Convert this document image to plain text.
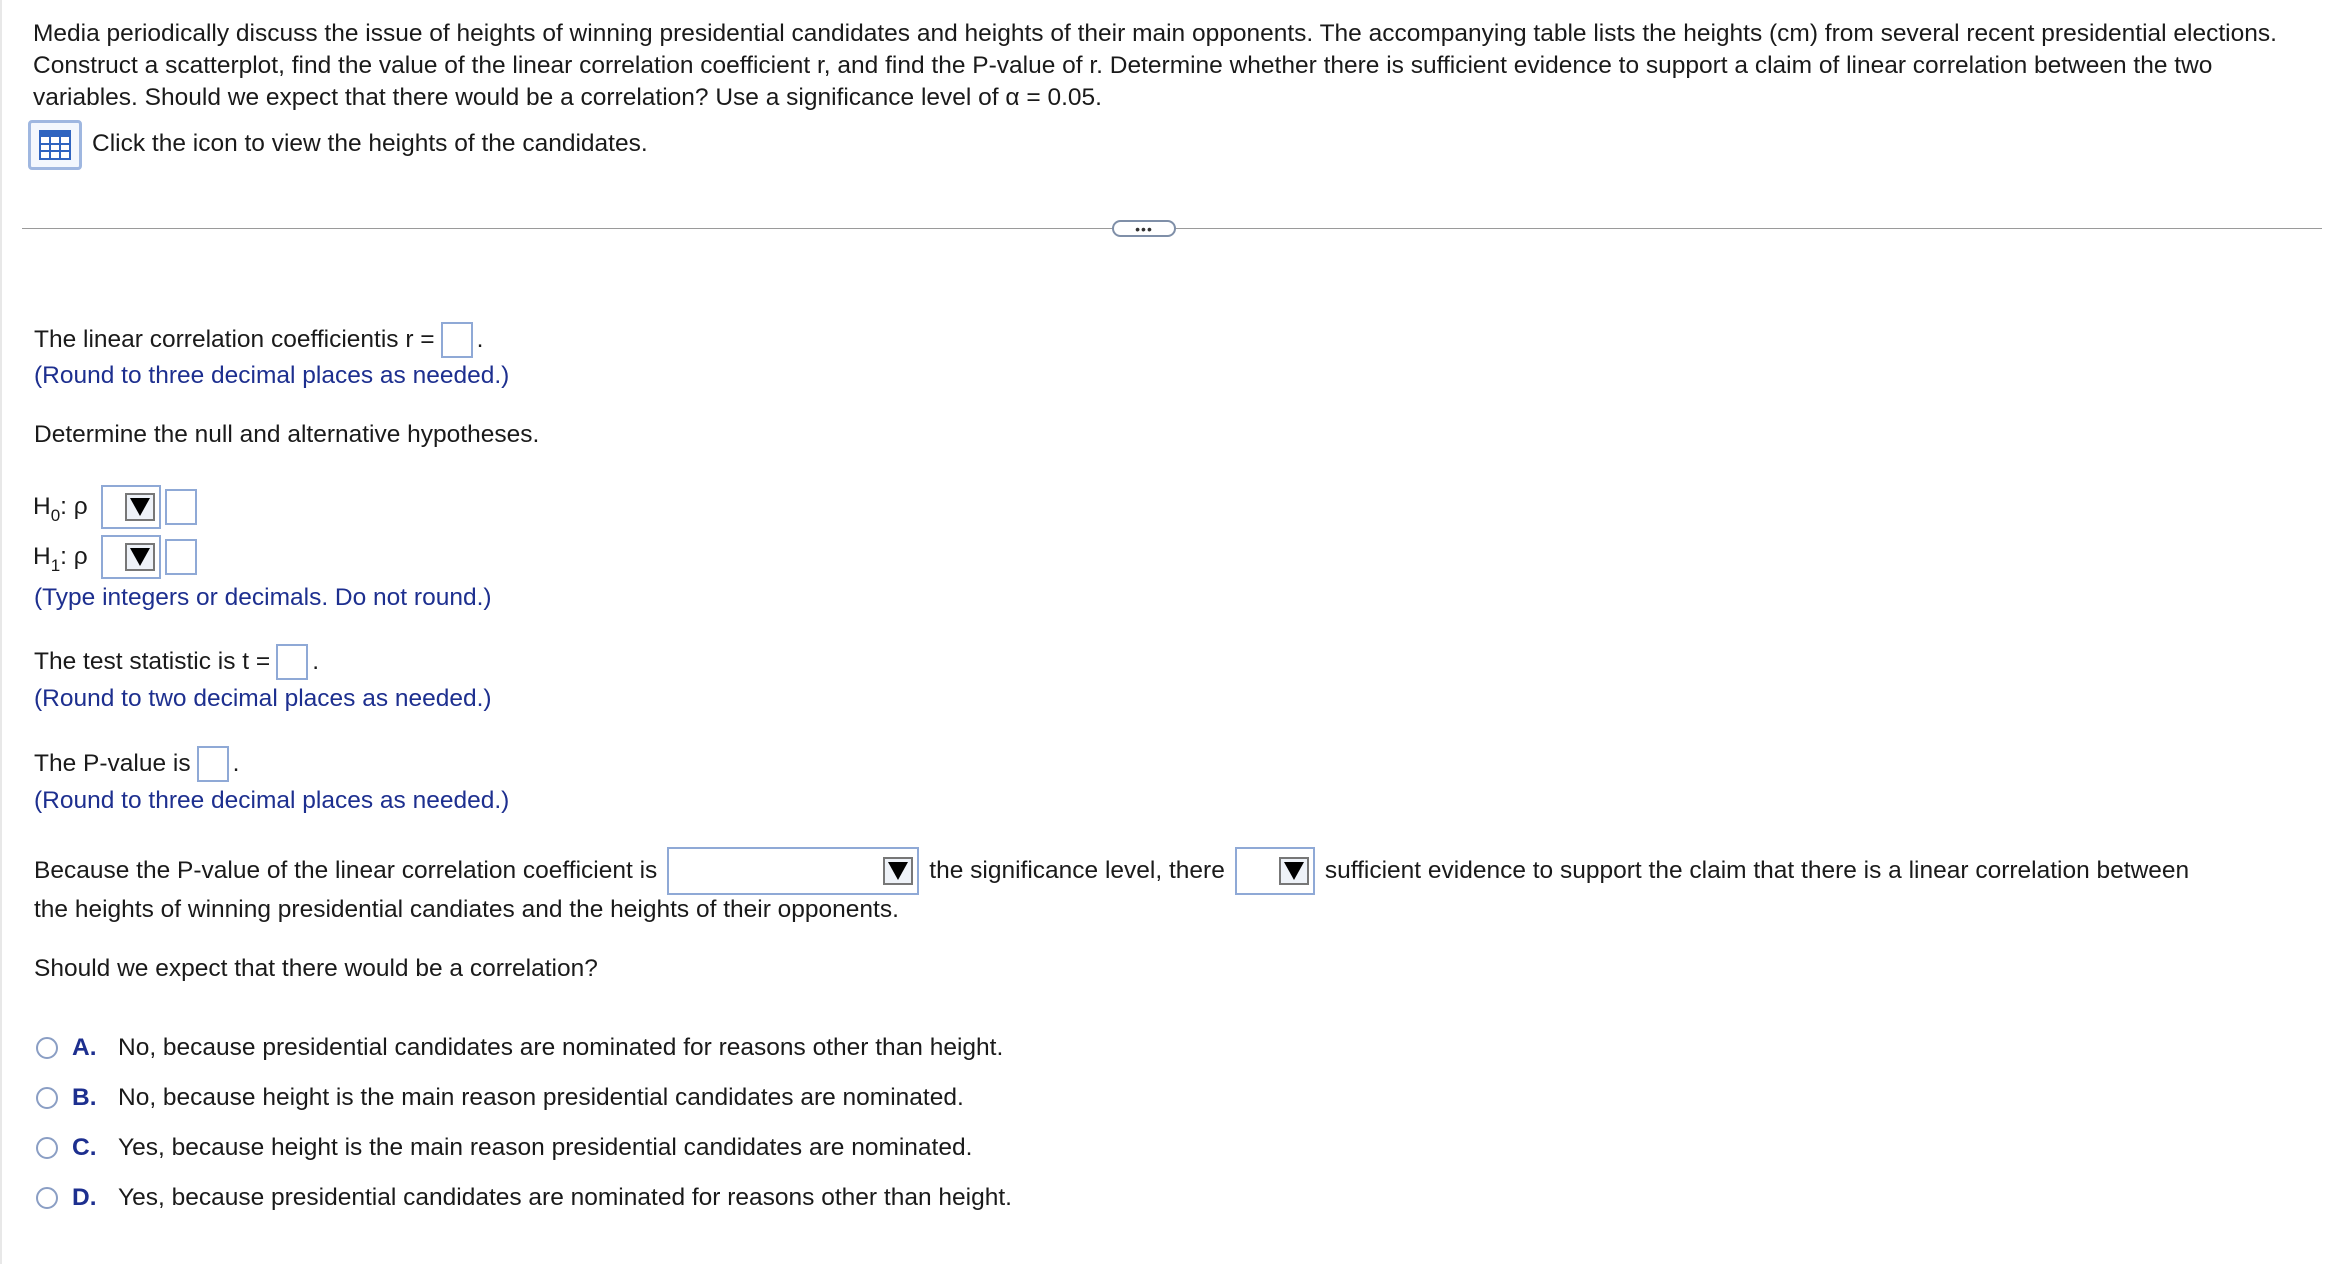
Media periodically discuss the issue of heights of winning presidential candidates and heights of their main opponents. The accompanying table lists the heights (cm) from several recent presidential elections. Construct a scatterplot, find the value of the linear correlation coefficient r, and find the P-value of r. Determine whether there is sufficient evidence to support a claim of linear correlation between the two variables. Should we expect that there would be a correlation? Use a significance level of α = 0.05.
Click the icon to view the heights of the candidates.
•••
The linear correlation coefficientis r = .
(Round to three decimal places as needed.)
Determine the null and alternative hypotheses.
$H_0$: ρ
$H_1$: ρ
(Type integers or decimals. Do not round.)
The test statistic is t = .
(Round to two decimal places as needed.)
The P-value is .
(Round to three decimal places as needed.)
Because the P-value of the linear correlation coefficient is	the significance level, there	sufficient evidence to support the claim that there is a linear correlation between
the heights of winning presidential candiates and the heights of their opponents.
Should we expect that there would be a correlation?
A. No, because presidential candidates are nominated for reasons other than height.
B. No, because height is the main reason presidential candidates are nominated.
C. Yes, because height is the main reason presidential candidates are nominated.
D. Yes, because presidential candidates are nominated for reasons other than height.
